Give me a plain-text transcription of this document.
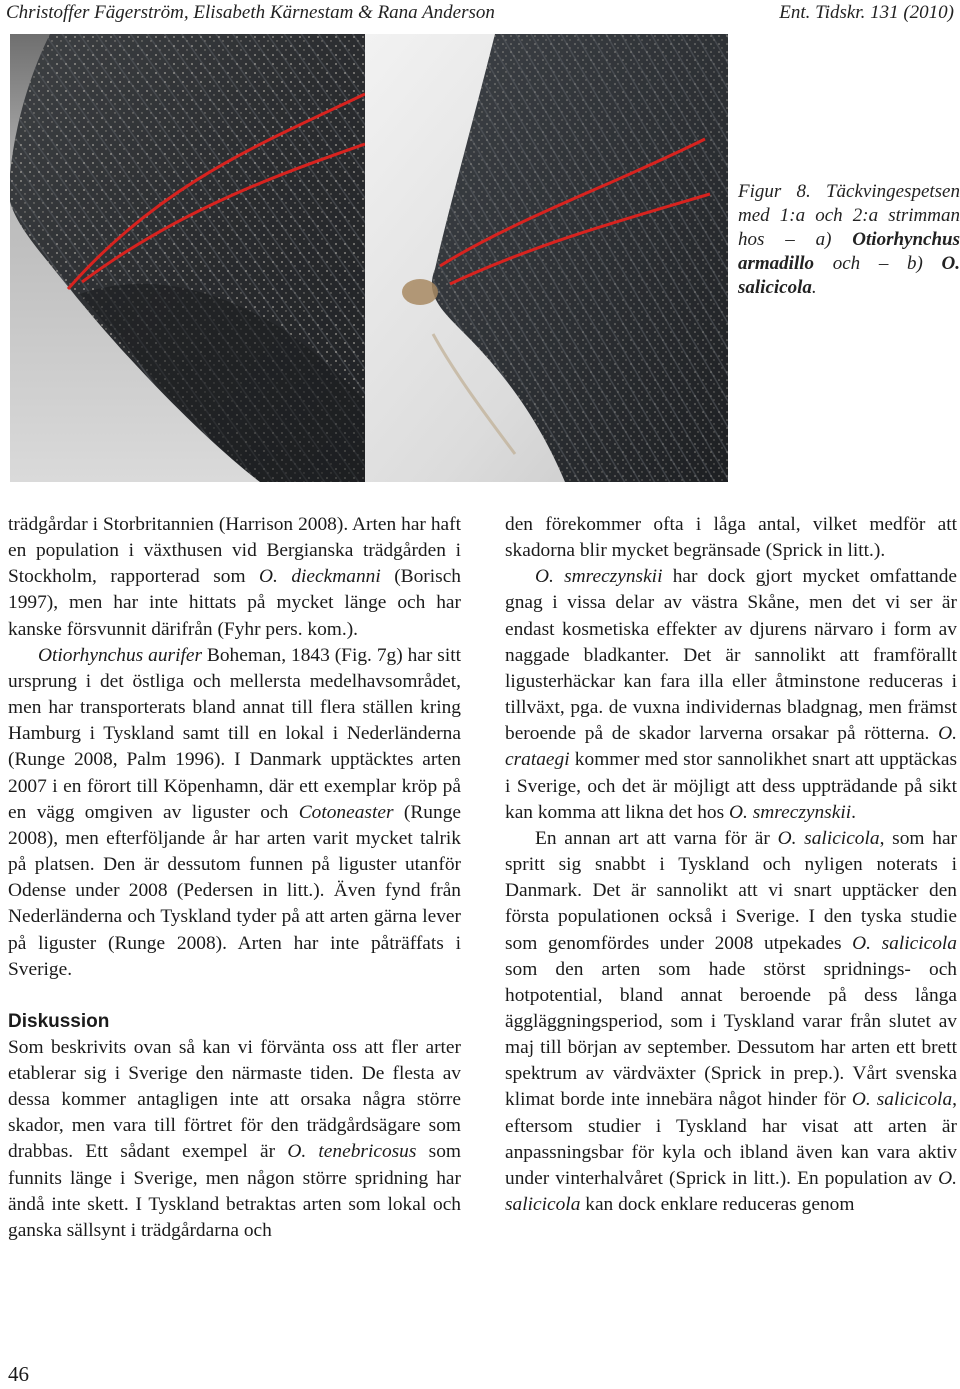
Christoffer Fägerström, Elisabeth Kärnestam & Rana Anderson	Ent. Tidskr. 131 (2010)
Figur 8. Täckvingespetsen med 1:a och 2:a strimman hos – a) Otiorhynchus armadillo och – b) O. salicicola.

trädgårdar i Storbritannien (Harrison 2008). Arten har haft en population i växthusen vid Bergianska trädgården i Stockholm, rapporterad som O. dieckmanni (Borisch 1997), men har inte hittats på mycket länge och har kanske försvunnit därifrån (Fyhr pers. kom.).

Otiorhynchus aurifer Boheman, 1843 (Fig. 7g) har sitt ursprung i det östliga och mellersta medelhavsområdet, men har transporterats bland annat till flera ställen kring Hamburg i Tyskland samt till en lokal i Nederländerna (Runge 2008, Palm 1996). I Danmark upptäcktes arten 2007 i en förort till Köpenhamn, där ett exemplar kröp på en vägg omgiven av liguster och Cotoneaster (Runge 2008), men efterföljande år har arten varit mycket talrik på platsen. Den är dessutom funnen på liguster utanför Odense under 2008 (Pedersen in litt.). Även fynd från Nederländerna och Tyskland tyder på att arten gärna lever på liguster (Runge 2008). Arten har inte påträffats i Sverige.

Diskussion

Som beskrivits ovan så kan vi förvänta oss att fler arter etablerar sig i Sverige den närmaste tiden. De flesta av dessa kommer antagligen inte att orsaka några större skador, men vara till förtret för den trädgårdsägare som drabbas. Ett sådant exempel är O. tenebricosus som funnits länge i Sverige, men någon större spridning har ändå inte skett. I Tyskland betraktas arten som lokal och ganska sällsynt i trädgårdarna och

den förekommer ofta i låga antal, vilket medför att skadorna blir mycket begränsade (Sprick in litt.).

O. smreczynskii har dock gjort mycket omfattande gnag i vissa delar av västra Skåne, men det vi ser är endast kosmetiska effekter av djurens närvaro i form av naggade bladkanter. Det är sannolikt att framförallt ligusterhäckar kan fara illa eller åtminstone reduceras i tillväxt, pga. de vuxna individernas bladgnag, men främst beroende på de skador larverna orsakar på rötterna. O. crataegi kommer med stor sannolikhet snart att upptäckas i Sverige, och det är möjligt att dess uppträdande på sikt kan komma att likna det hos O. smreczynskii.

En annan art att varna för är O. salicicola, som har spritt sig snabbt i Tyskland och nyligen noterats i Danmark. Det är sannolikt att vi snart upptäcker den första populationen också i Sverige. I den tyska studie som genomfördes under 2008 utpekades O. salicicola som den arten som hade störst spridnings- och hotpotential, bland annat beroende på dess långa äggläggningsperiod, som i Tyskland varar från slutet av maj till början av september. Dessutom har arten ett brett spektrum av värdväxter (Sprick in prep.). Vårt svenska klimat borde inte innebära något hinder för O. salicicola, eftersom studier i Tyskland har visat att arten är anpassningsbar för kyla och ibland även kan vara aktiv under vinterhalvåret (Sprick in litt.). En population av O. salicicola kan dock enklare reduceras genom

46
